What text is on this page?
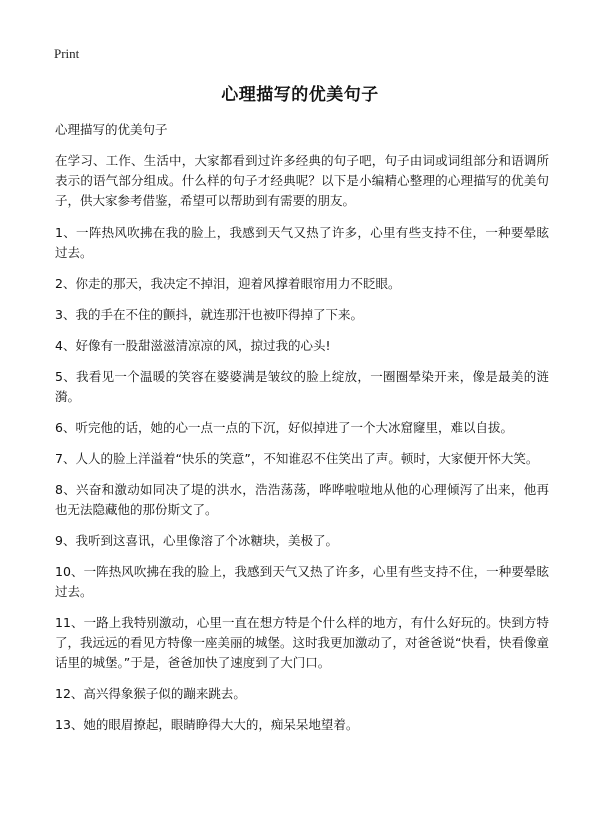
Print
心理描写的优美句子

心理描写的优美句子

在学习、工作、生活中，大家都看到过许多经典的句子吧，句子由词或词组部分和语调所表示的语气部分组成。什么样的句子才经典呢？以下是小编精心整理的心理描写的优美句子，供大家参考借鉴，希望可以帮助到有需要的朋友。

1、一阵热风吹拂在我的脸上，我感到天气又热了许多，心里有些支持不住，一种要晕眩过去。

2、你走的那天，我决定不掉泪，迎着风撑着眼帘用力不眨眼。

3、我的手在不住的颤抖，就连那汗也被吓得掉了下来。

4、好像有一股甜滋滋清凉凉的风，掠过我的心头!

5、我看见一个温暖的笑容在婆婆满是皱纹的脸上绽放，一圈圈晕染开来，像是最美的涟漪。

6、听完他的话，她的心一点一点的下沉，好似掉进了一个大冰窟窿里，难以自拔。

7、人人的脸上洋溢着“快乐的笑意”，不知谁忍不住笑出了声。顿时，大家便开怀大笑。

8、兴奋和激动如同决了堤的洪水，浩浩荡荡，哗哗啦啦地从他的心理倾泻了出来，他再也无法隐藏他的那份斯文了。

9、我听到这喜讯，心里像溶了个冰糖块，美极了。

10、一阵热风吹拂在我的脸上，我感到天气又热了许多，心里有些支持不住，一种要晕眩过去。

11、一路上我特别激动，心里一直在想方特是个什么样的地方，有什么好玩的。快到方特了，我远远的看见方特像一座美丽的城堡。这时我更加激动了，对爸爸说“快看，快看像童话里的城堡。”于是，爸爸加快了速度到了大门口。

12、高兴得象猴子似的蹦来跳去。

13、她的眼眉撩起，眼睛睁得大大的，痴呆呆地望着。
